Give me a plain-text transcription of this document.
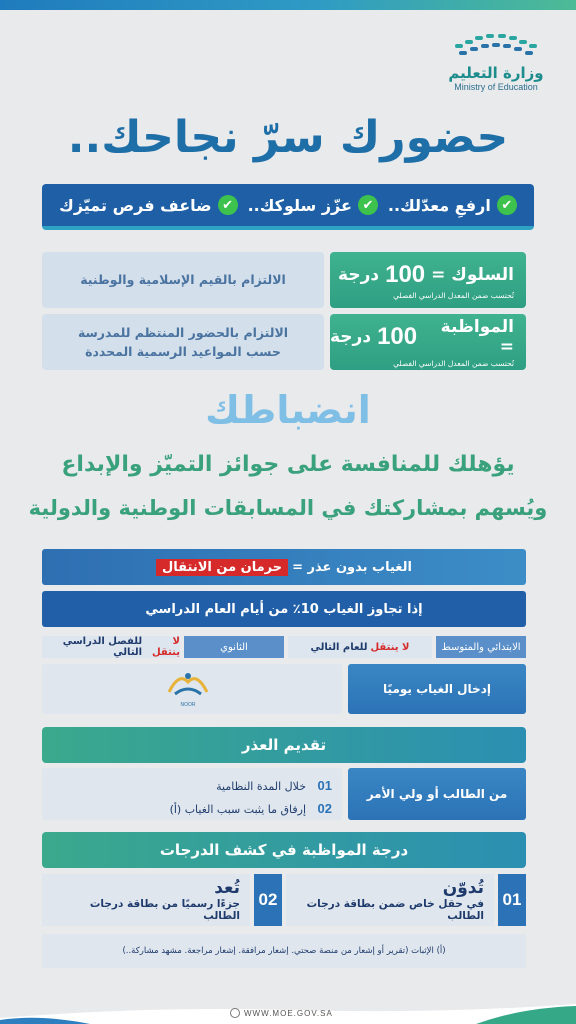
وزارة التعليم
Ministry of Education
حضورك سرّ نجاحك..
✔
ارفعِ معدّلك..
✔
عزّز سلوكك..
✔
ضاعف فرص تميّزك
السلوك =
100
درجة
تُحتسب ضمن المعدل الدراسي الفصلي
الالتزام بالقيم الإسلامية والوطنية
المواظبة =
100
درجة
تُحتسب ضمن المعدل الدراسي الفصلي
الالتزام بالحضور المنتظم للمدرسة حسب المواعيد الرسمية المحددة
انضباطك
يؤهلك للمنافسة على جوائز التميّز والإبداع
ويُسهم بمشاركتك في المسابقات الوطنية والدولية
الغياب بدون عذر =
حرمان من الانتقال
إذا تجاوز الغياب 10٪ من أيام العام الدراسي
الابتدائي والمتوسط
لا ينتقل
للعام التالي
الثانوي
لا ينتقل
للفصل الدراسي التالي
إدخال الغياب يوميًا
NOOR
تقديم العذر
من الطالب أو ولي الأمر
01 خلال المدة النظامية
02 إرفاق ما يثبت سبب الغياب (أ)
درجة المواظبة في كشف الدرجات
01
تُدوّن
في حقل خاص ضمن بطاقة درجات الطالب
02
تُعد
جزءًا رسميًا من بطاقة درجات الطالب
(أ) الإثبات (تقرير أو إشعار من منصة صحتي. إشعار مرافقة. إشعار مراجعة. مشهد مشاركة..)
WWW.MOE.GOV.SA
